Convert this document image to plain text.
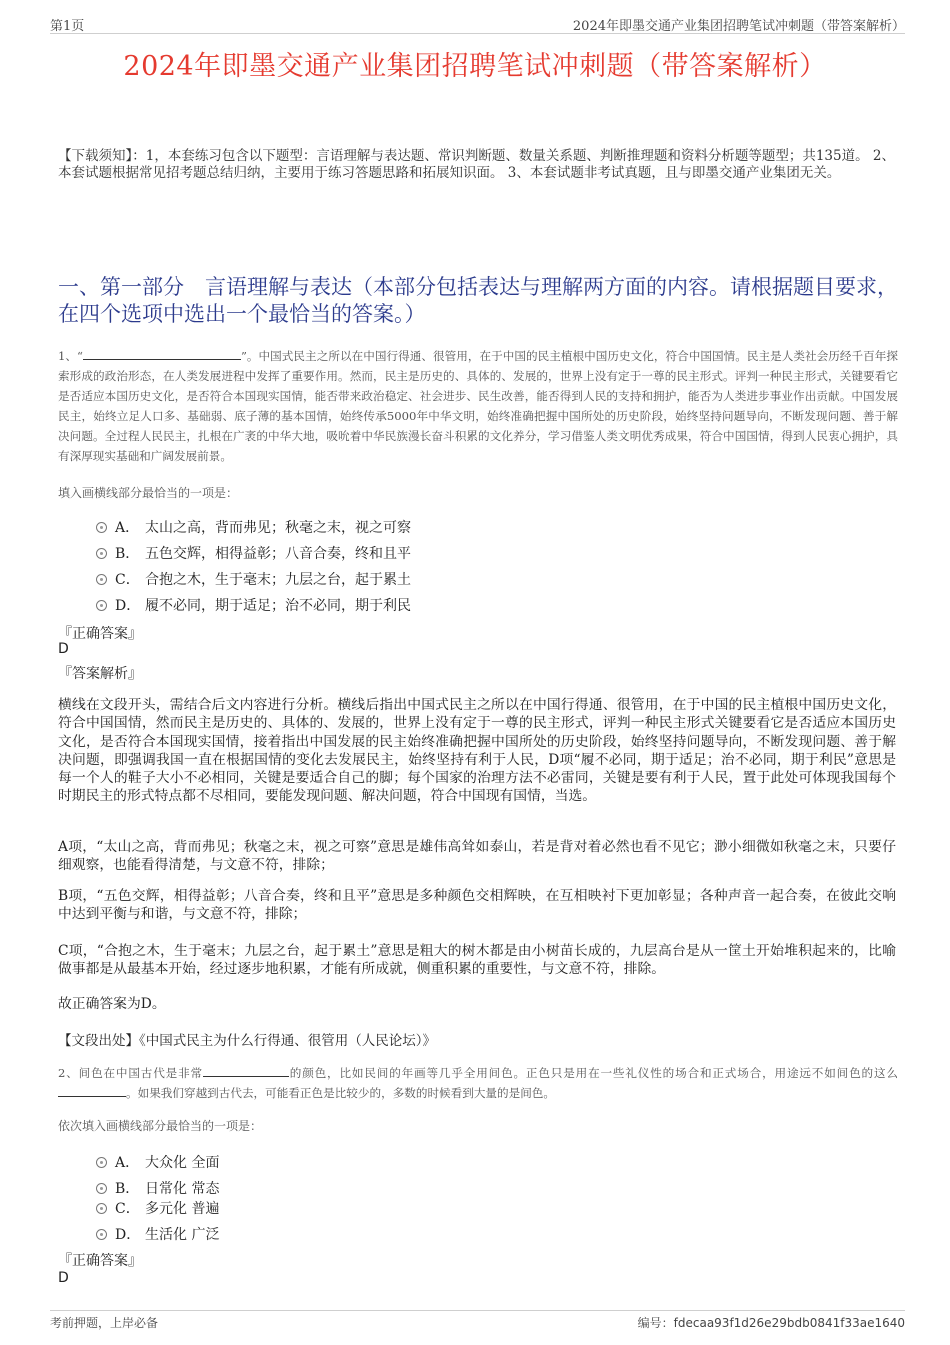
第1页	2024年即墨交通产业集团招聘笔试冲刺题（带答案解析）
2024年即墨交通产业集团招聘笔试冲刺题（带答案解析）
【下载须知】：1，本套练习包含以下题型：言语理解与表达题、常识判断题、数量关系题、判断推理题和资料分析题等题型；共135道。 2、本套试题根据常见招考题总结归纳，主要用于练习答题思路和拓展知识面。 3、本套试题非考试真题，且与即墨交通产业集团无关。
一、第一部分　言语理解与表达（本部分包括表达与理解两方面的内容。请根据题目要求，在四个选项中选出一个最恰当的答案。）
1、“	”。中国式民主之所以在中国行得通、很管用，在于中国的民主植根中国历史文化，符合中国国情。民主是人类社会历经千百年探索形成的政治形态，在人类发展进程中发挥了重要作用。然而，民主是历史的、具体的、发展的，世界上没有定于一尊的民主形式。评判一种民主形式，关键要看它是否适应本国历史文化，是否符合本国现实国情，能否带来政治稳定、社会进步、民生改善，能否得到人民的支持和拥护，能否为人类进步事业作出贡献。中国发展民主，始终立足人口多、基础弱、底子薄的基本国情，始终传承5000年中华文明，始终准确把握中国所处的历史阶段，始终坚持问题导向，不断发现问题、善于解决问题。全过程人民民主，扎根在广袤的中华大地，吸吮着中华民族漫长奋斗积累的文化养分，学习借鉴人类文明优秀成果，符合中国国情，得到人民衷心拥护，具有深厚现实基础和广阔发展前景。
填入画横线部分最恰当的一项是：
A． 太山之高，背而弗见；秋毫之末，视之可察
B． 五色交辉，相得益彰；八音合奏，终和且平
C． 合抱之木，生于毫末；九层之台，起于累土
D． 履不必同，期于适足；治不必同，期于利民
『正确答案』
D
『答案解析』
横线在文段开头，需结合后文内容进行分析。横线后指出中国式民主之所以在中国行得通、很管用，在于中国的民主植根中国历史文化，符合中国国情，然而民主是历史的、具体的、发展的，世界上没有定于一尊的民主形式，评判一种民主形式关键要看它是否适应本国历史文化，是否符合本国现实国情，接着指出中国发展的民主始终准确把握中国所处的历史阶段，始终坚持问题导向，不断发现问题、善于解决问题，即强调我国一直在根据国情的变化去发展民主，始终坚持有利于人民，D项“履不必同，期于适足；治不必同，期于利民”意思是每一个人的鞋子大小不必相同，关键是要适合自己的脚；每个国家的治理方法不必雷同，关键是要有利于人民，置于此处可体现我国每个时期民主的形式特点都不尽相同，要能发现问题、解决问题，符合中国现有国情，当选。
A项，“太山之高，背而弗见；秋毫之末，视之可察”意思是雄伟高耸如泰山，若是背对着必然也看不见它；渺小细微如秋毫之末，只要仔细观察，也能看得清楚，与文意不符，排除；
B项，“五色交辉，相得益彰；八音合奏，终和且平”意思是多种颜色交相辉映，在互相映衬下更加彰显；各种声音一起合奏，在彼此交响中达到平衡与和谐，与文意不符，排除；
C项，“合抱之木，生于毫末；九层之台，起于累土”意思是粗大的树木都是由小树苗长成的，九层高台是从一筐土开始堆积起来的，比喻做事都是从最基本开始，经过逐步地积累，才能有所成就，侧重积累的重要性，与文意不符，排除。
故正确答案为D。
【文段出处】《中国式民主为什么行得通、很管用（人民论坛）》
2、间色在中国古代是非常	的颜色，比如民间的年画等几乎全用间色。正色只是用在一些礼仪性的场合和正式场合，用途远不如间色的这么。如果我们穿越到古代去，可能看正色是比较少的，多数的时候看到大量的是间色。
依次填入画横线部分最恰当的一项是：
A． 大众化 全面
B． 日常化 常态
C． 多元化 普遍
D． 生活化 广泛
『正确答案』
D
考前押题，上岸必备	编号：fdecaa93f1d26e29bdb0841f33ae1640
